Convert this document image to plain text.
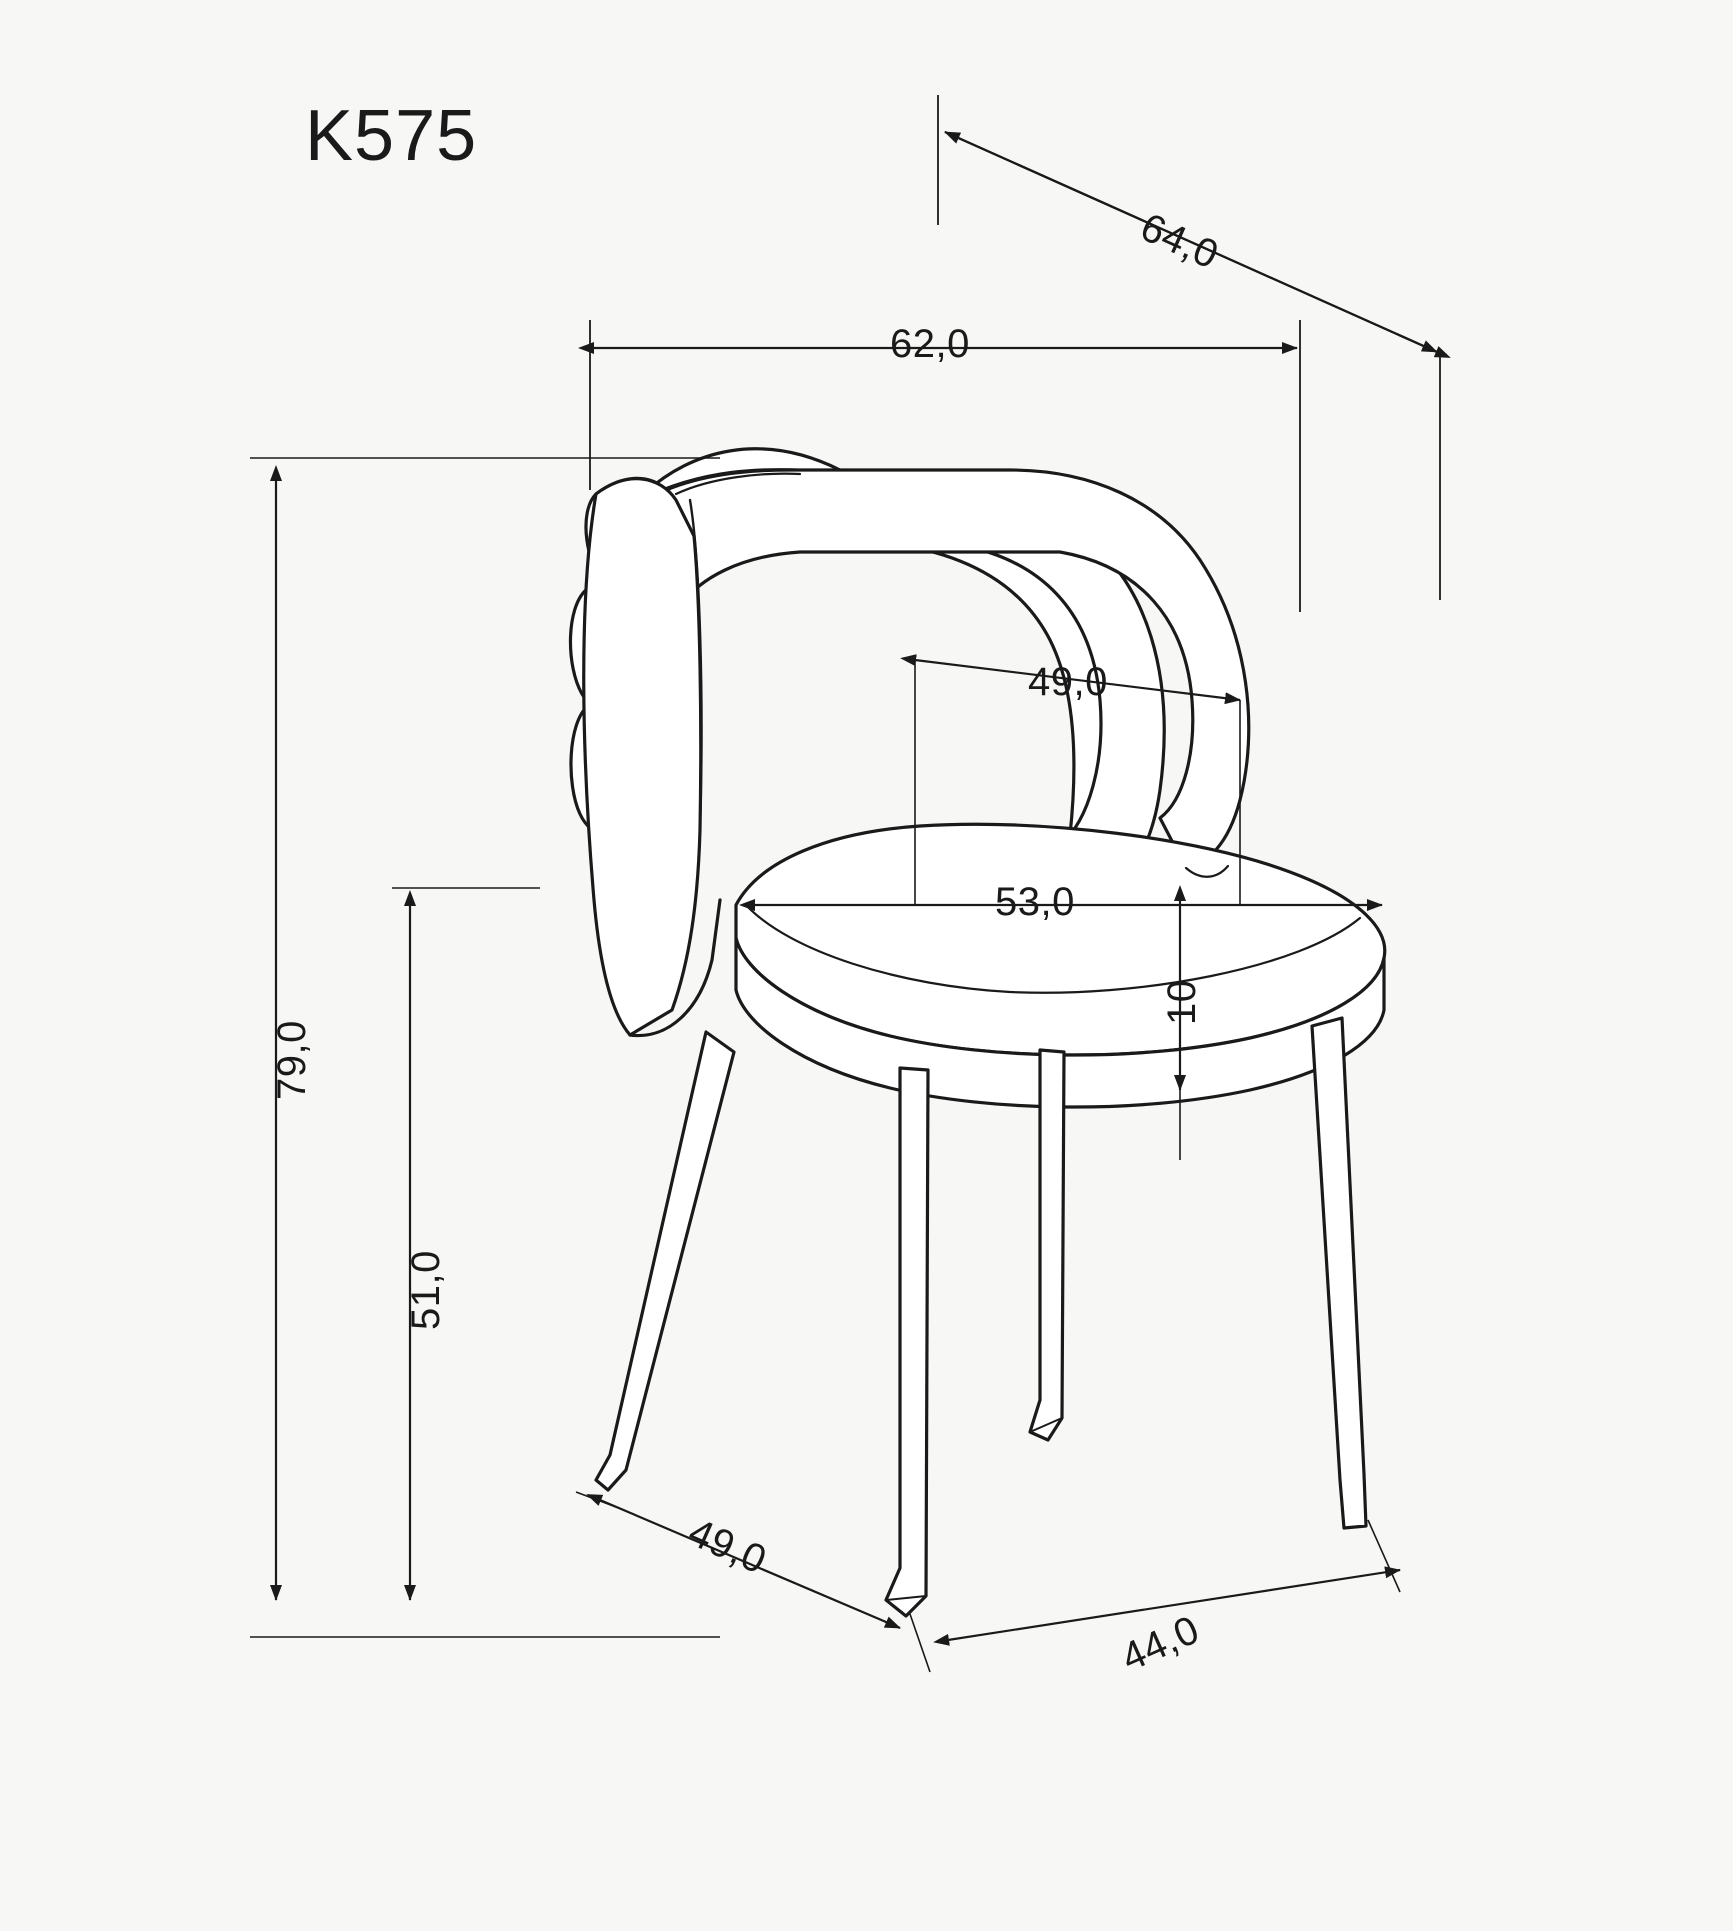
K575
64,0
62,0
49,0
53,0
10
79,0
51,0
49,0
44,0
